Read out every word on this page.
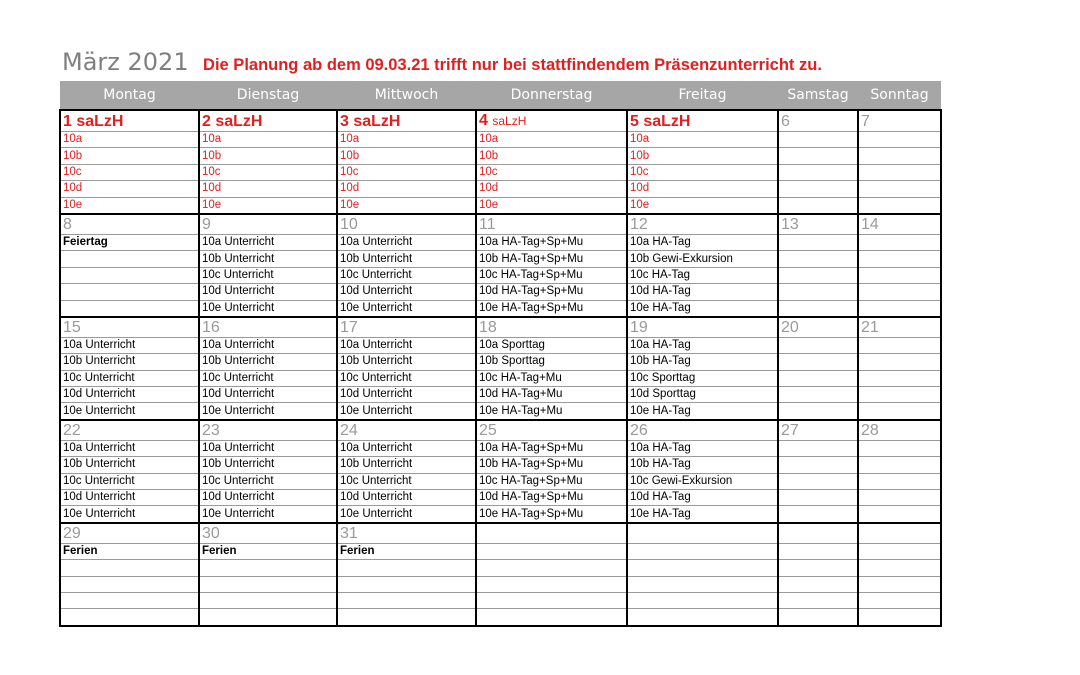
März 2021 Die Planung ab dem 09.03.21 trifft nur bei stattfindendem Präsenzunterricht zu.
Montag	Dienstag	Mittwoch	Donnerstag	Freitag	Samstag	Sonntag
1 saLzH	2 saLzH	3 saLzH	4 saLzH	5 saLzH	6	7
10a	10a	10a	10a	10a		
10b	10b	10b	10b	10b		
10c	10c	10c	10c	10c		
10d	10d	10d	10d	10d		
10e	10e	10e	10e	10e		
8	9	10	11	12	13	14
Feiertag	10a Unterricht	10a Unterricht	10a HA-Tag+Sp+Mu	10a HA-Tag		
	10b Unterricht	10b Unterricht	10b HA-Tag+Sp+Mu	10b Gewi-Exkursion		
	10c Unterricht	10c Unterricht	10c HA-Tag+Sp+Mu	10c HA-Tag		
	10d Unterricht	10d Unterricht	10d HA-Tag+Sp+Mu	10d HA-Tag		
	10e Unterricht	10e Unterricht	10e HA-Tag+Sp+Mu	10e HA-Tag		
15	16	17	18	19	20	21
10a Unterricht	10a Unterricht	10a Unterricht	10a Sporttag	10a HA-Tag		
10b Unterricht	10b Unterricht	10b Unterricht	10b Sporttag	10b HA-Tag		
10c Unterricht	10c Unterricht	10c Unterricht	10c HA-Tag+Mu	10c Sporttag		
10d Unterricht	10d Unterricht	10d Unterricht	10d HA-Tag+Mu	10d Sporttag		
10e Unterricht	10e Unterricht	10e Unterricht	10e HA-Tag+Mu	10e HA-Tag		
22	23	24	25	26	27	28
10a Unterricht	10a Unterricht	10a Unterricht	10a HA-Tag+Sp+Mu	10a HA-Tag		
10b Unterricht	10b Unterricht	10b Unterricht	10b HA-Tag+Sp+Mu	10b HA-Tag		
10c Unterricht	10c Unterricht	10c Unterricht	10c HA-Tag+Sp+Mu	10c Gewi-Exkursion		
10d Unterricht	10d Unterricht	10d Unterricht	10d HA-Tag+Sp+Mu	10d HA-Tag		
10e Unterricht	10e Unterricht	10e Unterricht	10e HA-Tag+Sp+Mu	10e HA-Tag		
29	30	31				
Ferien	Ferien	Ferien				
